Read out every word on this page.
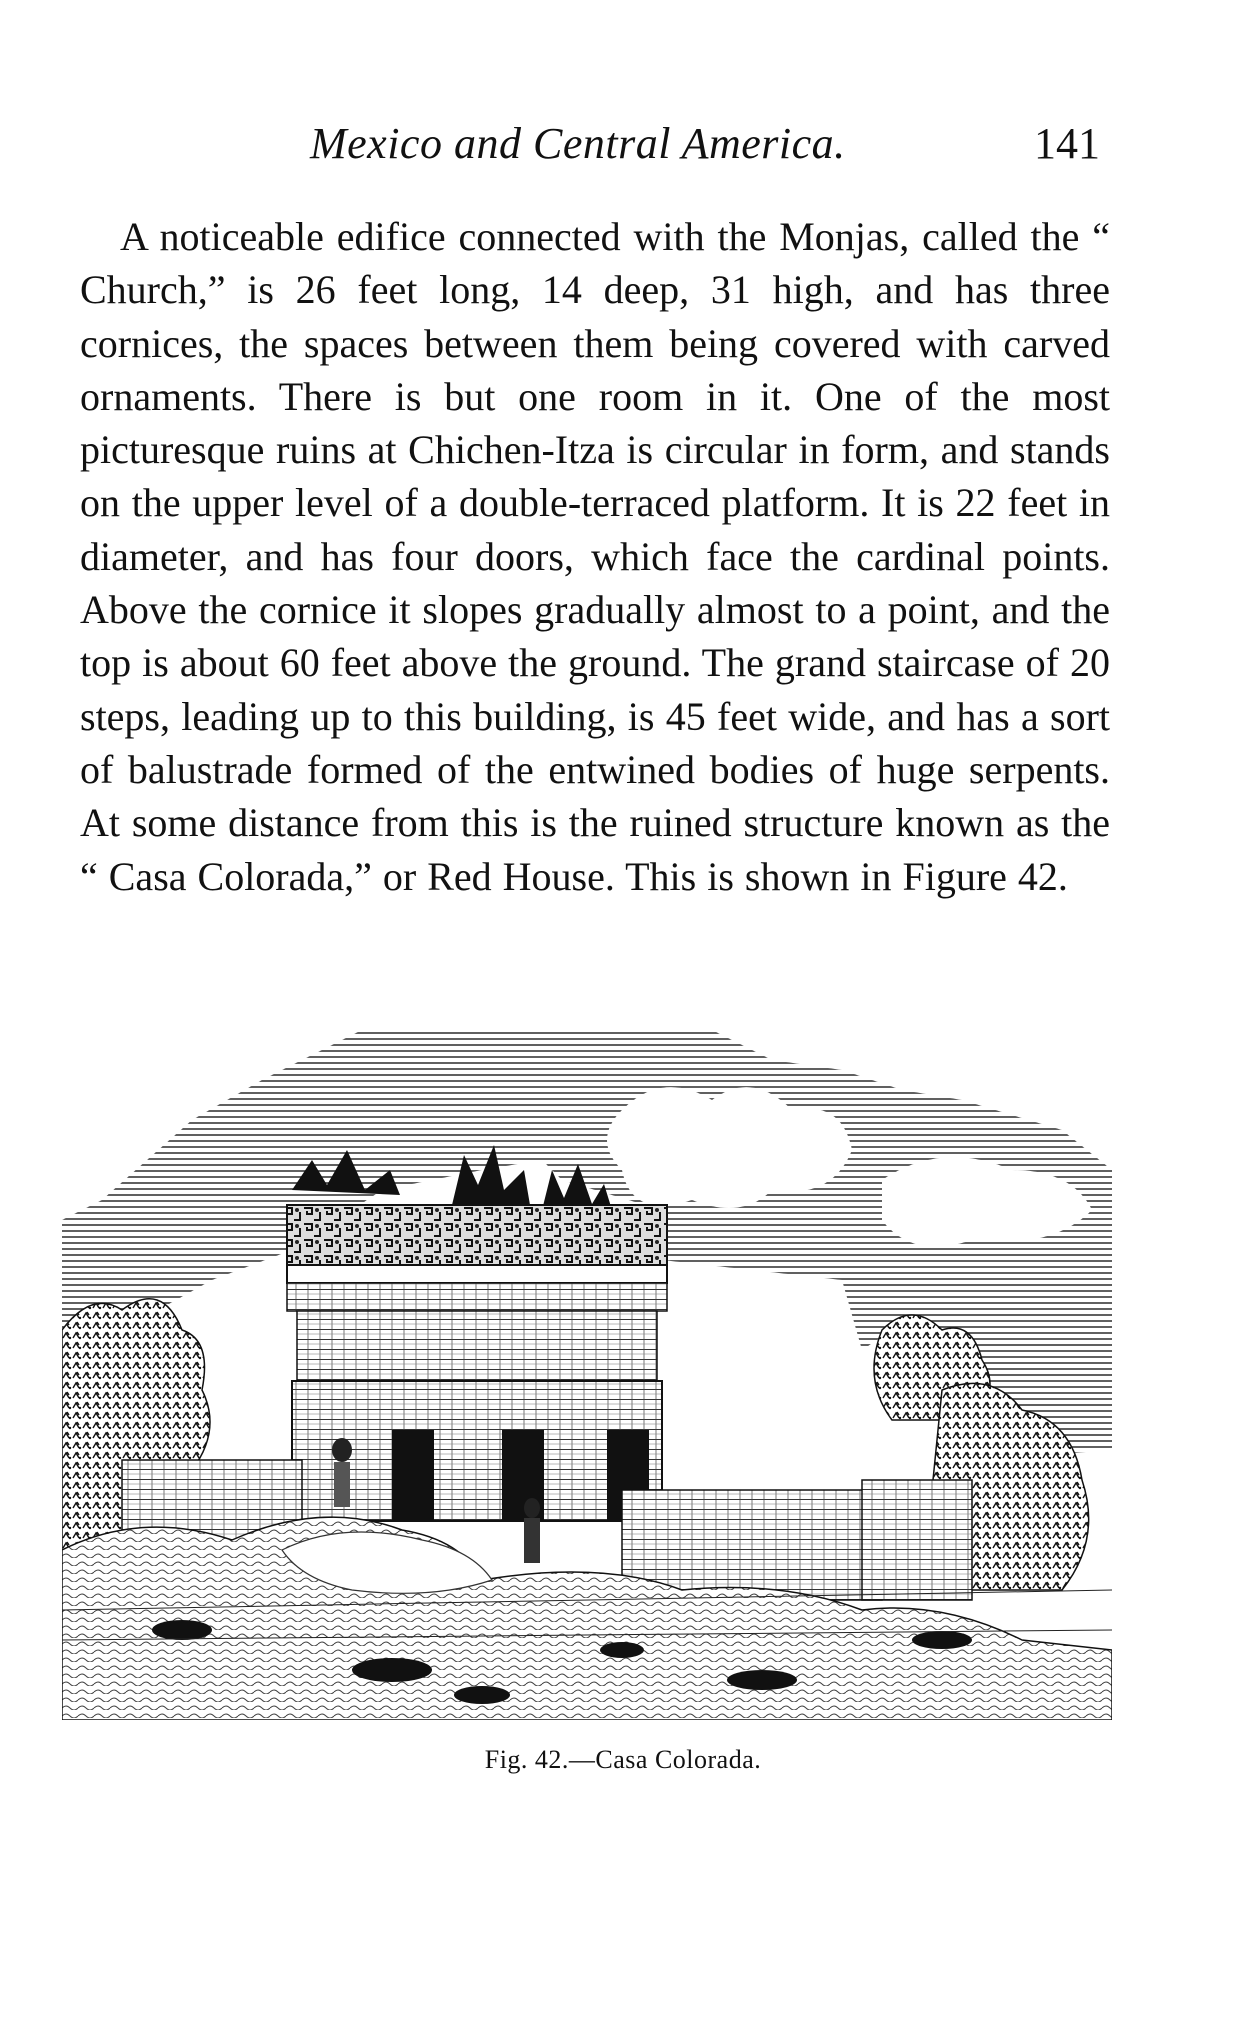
Mexico and Central America.	141

A noticeable edifice connected with the Monjas, called the “ Church,” is 26 feet long, 14 deep, 31 high, and has three cornices, the spaces between them being covered with carved ornaments. There is but one room in it. One of the most picturesque ruins at Chichen-Itza is circular in form, and stands on the upper level of a double-terraced platform. It is 22 feet in diameter, and has four doors, which face the cardinal points. Above the cornice it slopes gradually almost to a point, and the top is about 60 feet above the ground. The grand staircase of 20 steps, leading up to this building, is 45 feet wide, and has a sort of balustrade formed of the entwined bodies of huge serpents. At some distance from this is the ruined structure known as the “ Casa Colorada,” or Red House. This is shown in Figure 42.

Fig. 42.—Casa Colorada.
